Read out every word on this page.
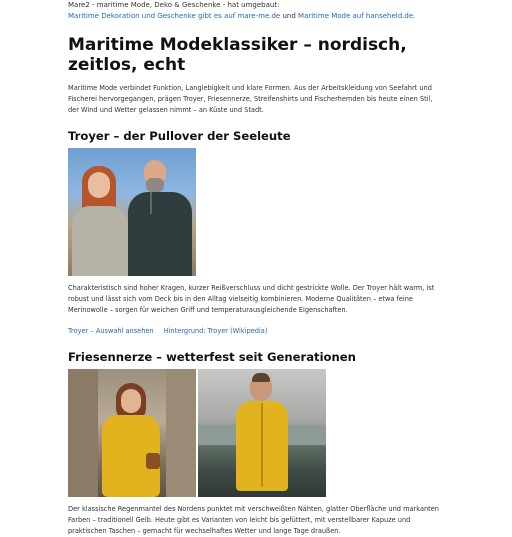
Mare2 - maritime Mode, Deko & Geschenke - hat umgebaut:
Maritime Dekoration und Geschenke gibt es auf mare-me.de und Maritime Mode auf hanseheld.de.
Maritime Modeklassiker – nordisch, zeitlos, echt

Maritime Mode verbindet Funktion, Langlebigkeit und klare Formen. Aus der Arbeitskleidung von Seefahrt und Fischerei hervorgegangen, prägen Troyer, Friesennerze, Streifenshirts und Fischerhemden bis heute einen Stil, der Wind und Wetter gelassen nimmt – an Küste und Stadt.

Troyer – der Pullover der Seeleute

Charakteristisch sind hoher Kragen, kurzer Reißverschluss und dicht gestrickte Wolle. Der Troyer hält warm, ist robust und lässt sich vom Deck bis in den Alltag vielseitig kombinieren. Moderne Qualitäten – etwa feine Merinowolle – sorgen für weichen Griff und temperaturausgleichende Eigenschaften.

Troyer – Auswahl ansehen Hintergrund: Troyer (Wikipedia)
Friesennerze – wetterfest seit Generationen

Der klassische Regenmantel des Nordens punktet mit verschweißten Nähten, glatter Oberfläche und markanten Farben – traditionell Gelb. Heute gibt es Varianten von leicht bis gefüttert, mit verstellbarer Kapuze und praktischen Taschen – gemacht für wechselhaftes Wetter und lange Tage draußen.
